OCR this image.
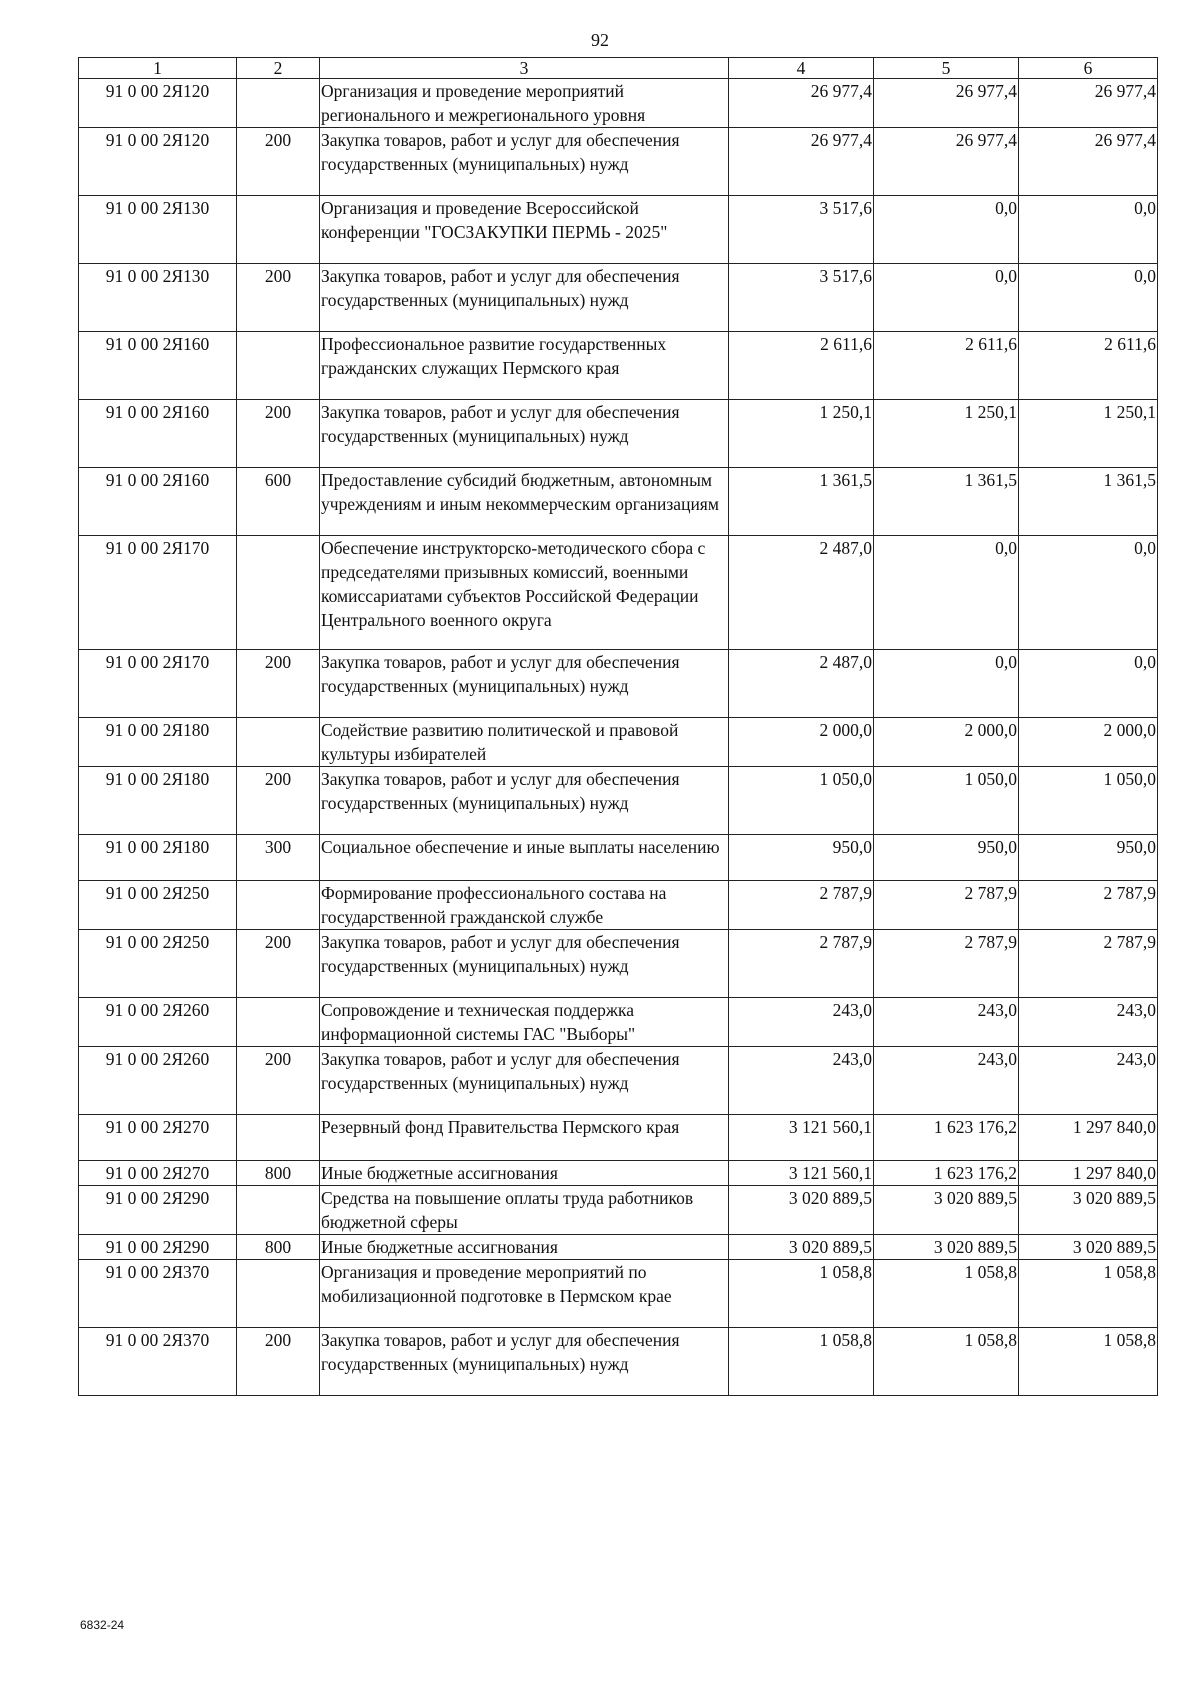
92
1	2	3	4	5	6
91 0 00 2Я120		Организация и проведение мероприятий регионального и межрегионального уровня	26 977,4	26 977,4	26 977,4
91 0 00 2Я120	200	Закупка товаров, работ и услуг для обеспечения государственных (муниципальных) нужд	26 977,4	26 977,4	26 977,4
91 0 00 2Я130		Организация и проведение Всероссийской конференции "ГОСЗАКУПКИ ПЕРМЬ - 2025"	3 517,6	0,0	0,0
91 0 00 2Я130	200	Закупка товаров, работ и услуг для обеспечения государственных (муниципальных) нужд	3 517,6	0,0	0,0
91 0 00 2Я160		Профессиональное развитие государственных гражданских служащих Пермского края	2 611,6	2 611,6	2 611,6
91 0 00 2Я160	200	Закупка товаров, работ и услуг для обеспечения государственных (муниципальных) нужд	1 250,1	1 250,1	1 250,1
91 0 00 2Я160	600	Предоставление субсидий бюджетным, автономным учреждениям и иным некоммерческим организациям	1 361,5	1 361,5	1 361,5
91 0 00 2Я170		Обеспечение инструкторско-методического сбора с председателями призывных комиссий, военными комиссариатами субъектов Российской Федерации Центрального военного округа	2 487,0	0,0	0,0
91 0 00 2Я170	200	Закупка товаров, работ и услуг для обеспечения государственных (муниципальных) нужд	2 487,0	0,0	0,0
91 0 00 2Я180		Содействие развитию политической и правовой культуры избирателей	2 000,0	2 000,0	2 000,0
91 0 00 2Я180	200	Закупка товаров, работ и услуг для обеспечения государственных (муниципальных) нужд	1 050,0	1 050,0	1 050,0
91 0 00 2Я180	300	Социальное обеспечение и иные выплаты населению	950,0	950,0	950,0
91 0 00 2Я250		Формирование профессионального состава на государственной гражданской службе	2 787,9	2 787,9	2 787,9
91 0 00 2Я250	200	Закупка товаров, работ и услуг для обеспечения государственных (муниципальных) нужд	2 787,9	2 787,9	2 787,9
91 0 00 2Я260		Сопровождение и техническая поддержка информационной системы ГАС "Выборы"	243,0	243,0	243,0
91 0 00 2Я260	200	Закупка товаров, работ и услуг для обеспечения государственных (муниципальных) нужд	243,0	243,0	243,0
91 0 00 2Я270		Резервный фонд Правительства Пермского края	3 121 560,1	1 623 176,2	1 297 840,0
91 0 00 2Я270	800	Иные бюджетные ассигнования	3 121 560,1	1 623 176,2	1 297 840,0
91 0 00 2Я290		Средства на повышение оплаты труда работников бюджетной сферы	3 020 889,5	3 020 889,5	3 020 889,5
91 0 00 2Я290	800	Иные бюджетные ассигнования	3 020 889,5	3 020 889,5	3 020 889,5
91 0 00 2Я370		Организация и проведение мероприятий по мобилизационной подготовке в Пермском крае	1 058,8	1 058,8	1 058,8
91 0 00 2Я370	200	Закупка товаров, работ и услуг для обеспечения государственных (муниципальных) нужд	1 058,8	1 058,8	1 058,8
6832-24
